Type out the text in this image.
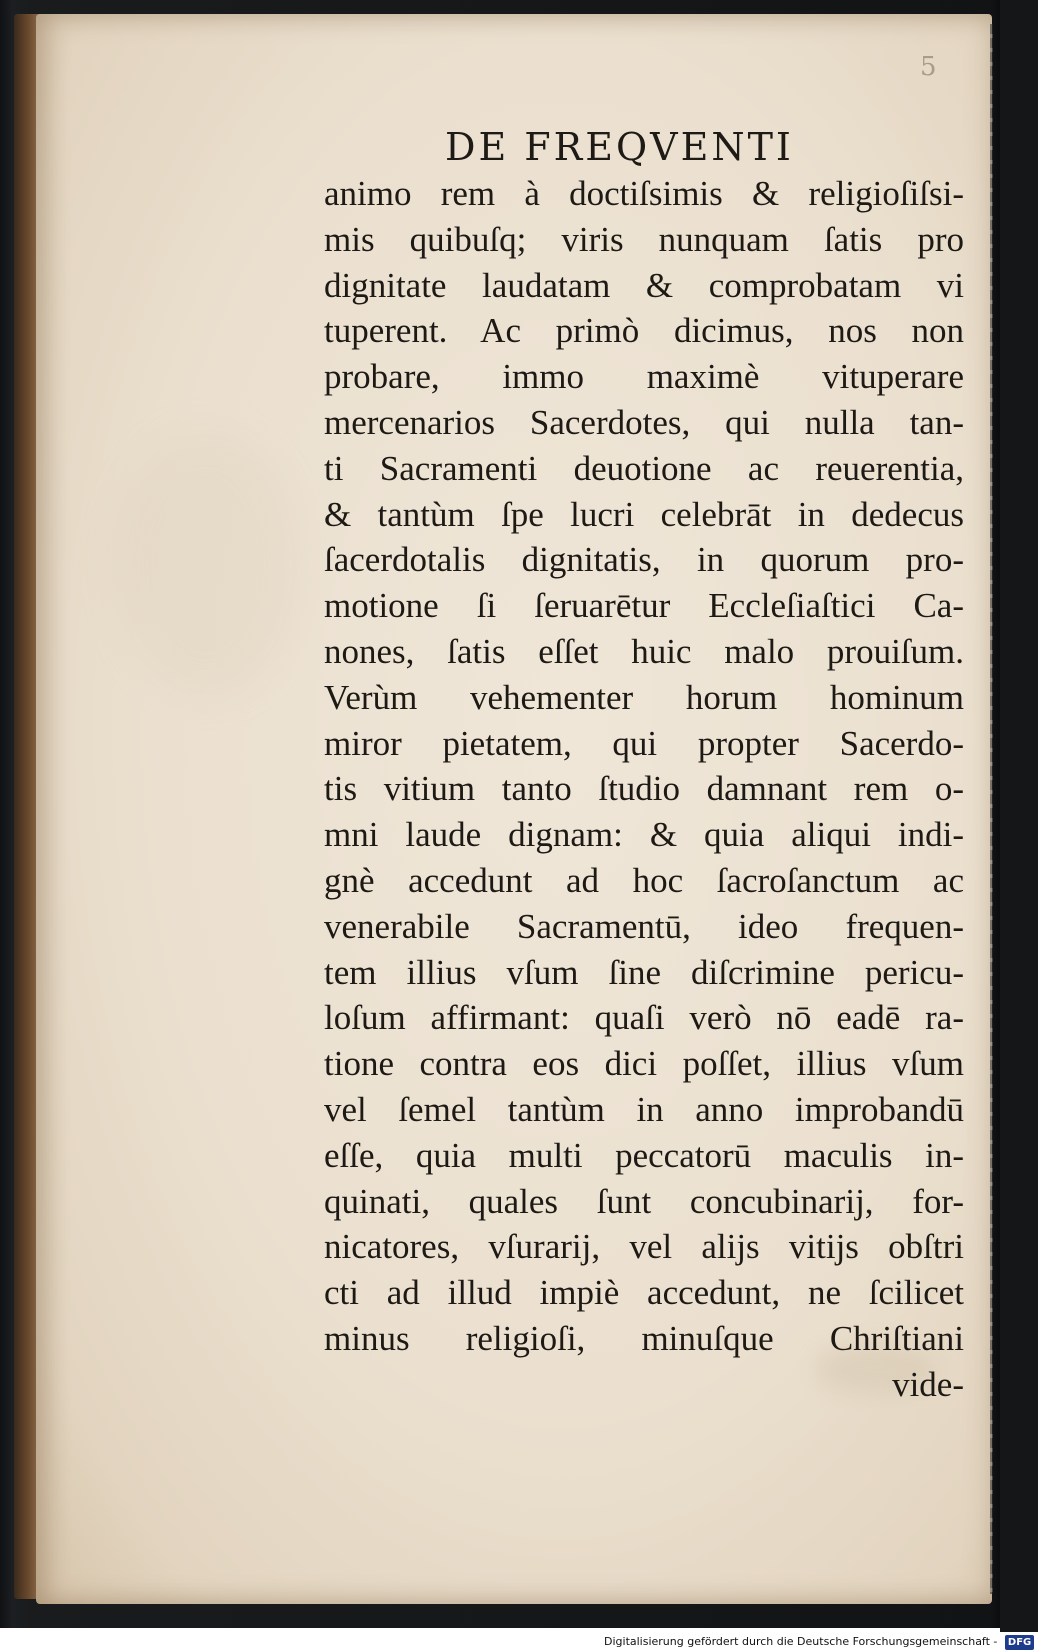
5
DE FREQVENTI
animo rem à doctiſsimis & religioſiſsi-
mis quibuſq; viris nunquam ſatis pro
dignitate laudatam & comprobatam vi
tuperent. Ac primò dicimus, nos non
probare, immo maximè vituperare
mercenarios Sacerdotes, qui nulla tan-
ti Sacramenti deuotione ac reuerentia,
& tantùm ſpe lucri celebrāt in dedecus
ſacerdotalis dignitatis, in quorum pro-
motione ſi ſeruarētur Eccleſiaſtici Ca-
nones, ſatis eſſet huic malo prouiſum.
Verùm vehementer horum hominum
miror pietatem, qui propter Sacerdo-
tis vitium tanto ſtudio damnant rem o-
mni laude dignam: & quia aliqui indi-
gnè accedunt ad hoc ſacroſanctum ac
venerabile Sacramentū, ideo frequen-
tem illius vſum ſine diſcrimine pericu-
loſum affirmant: quaſi verò nō eadē ra-
tione contra eos dici poſſet, illius vſum
vel ſemel tantùm in anno improbandū
eſſe, quia multi peccatorū maculis in-
quinati, quales ſunt concubinarij, for-
nicatores, vſurarij, vel alijs vitijs obſtri
cti ad illud impiè accedunt, ne ſcilicet
minus religioſi, minuſque Chriſtiani
vide-
Digitalisierung gefördert durch die Deutsche Forschungsgemeinschaft - DFG
